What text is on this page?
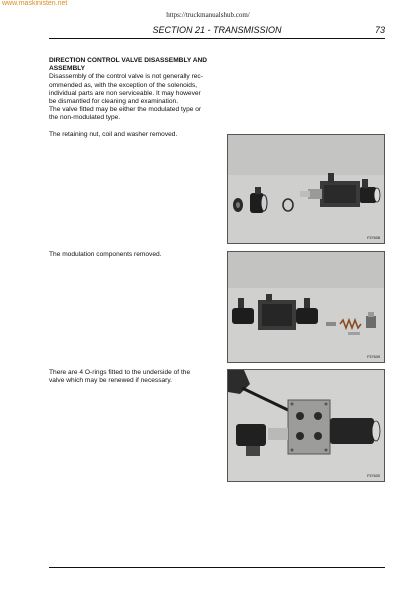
www.maskinisten.net
https://truckmanualshub.com/
SECTION 21 - TRANSMISSION	73

DIRECTION CONTROL VALVE DISASSEMBLY AND ASSEMBLY

Disassembly of the control valve is not generally rec-

ommended as, with the exception of the solenoids,

individual parts are non serviceable. It may however

be dismantled for cleaning and examination.

The valve fitted may be either the modulated type or

the non-modulated type.

The retaining nut, coil and washer removed.

F37608

The modulation components removed.

F37609

There are 4 O-rings fitted to the underside of the

valve which may be renewed if necessary.

F37600
